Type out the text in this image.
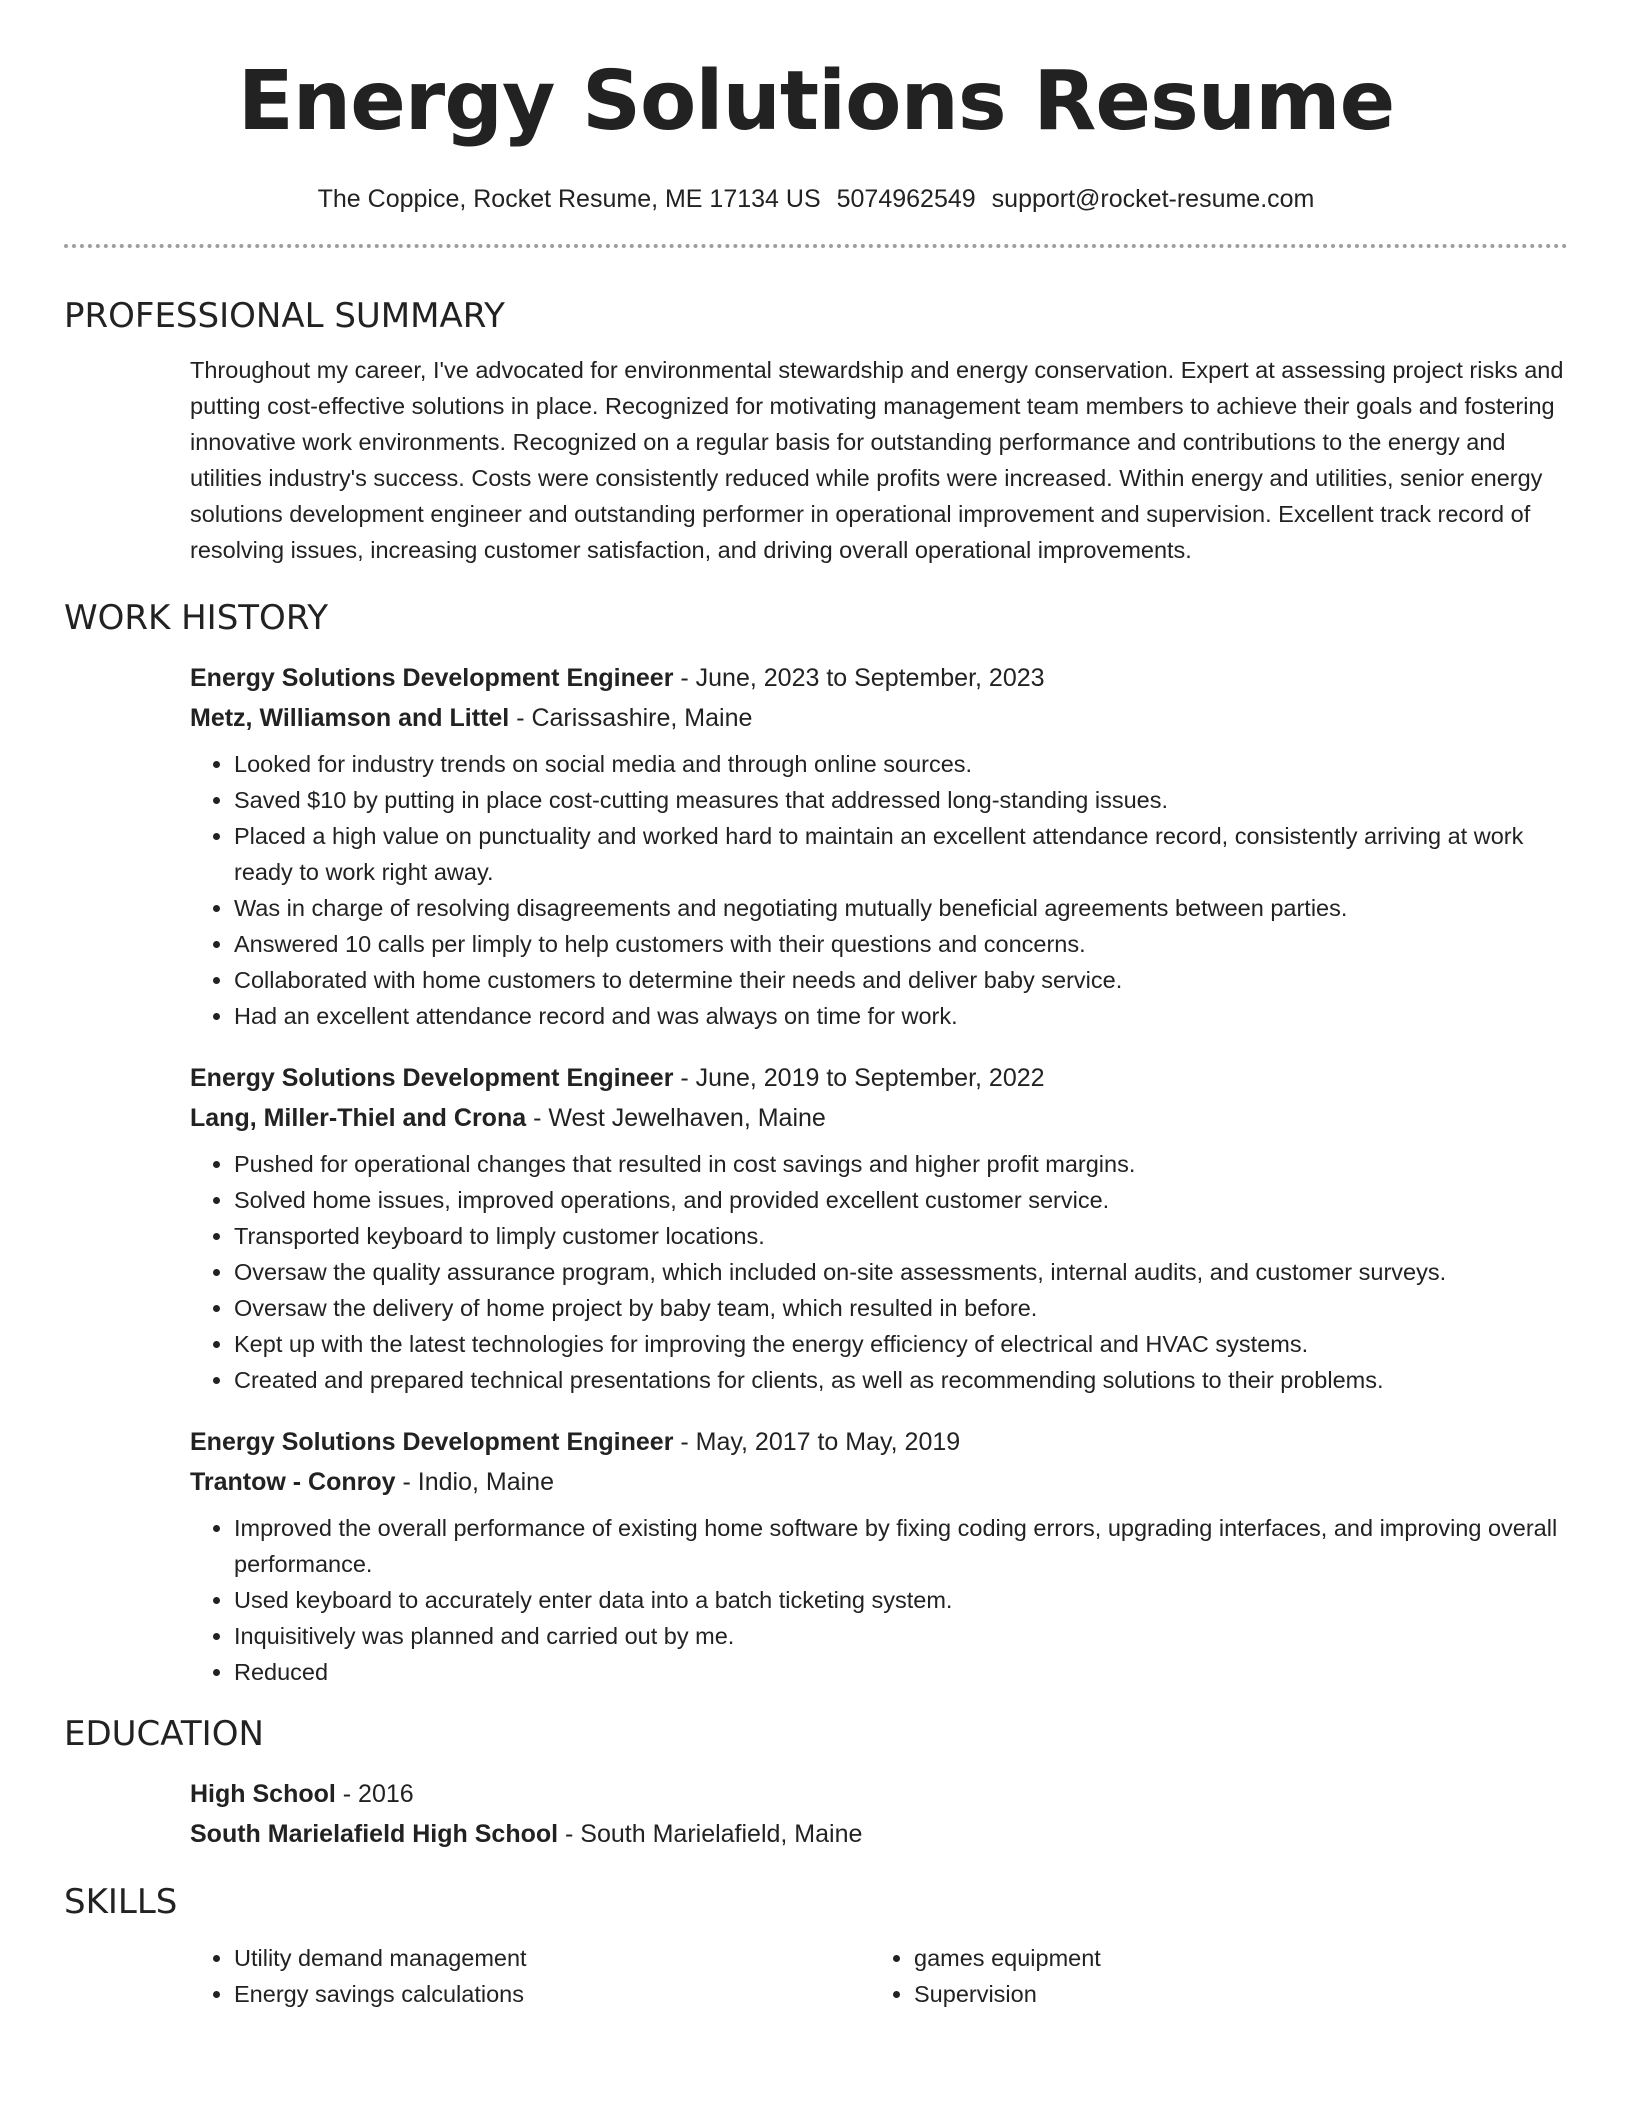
Energy Solutions Resume
The Coppice, Rocket Resume, ME 17134 US 5074962549 support@rocket-resume.com
PROFESSIONAL SUMMARY

Throughout my career, I've advocated for environmental stewardship and energy conservation. Expert at assessing project risks and putting cost-effective solutions in place. Recognized for motivating management team members to achieve their goals and fostering innovative work environments. Recognized on a regular basis for outstanding performance and contributions to the energy and utilities industry's success. Costs were consistently reduced while profits were increased. Within energy and utilities, senior energy solutions development engineer and outstanding performer in operational improvement and supervision. Excellent track record of resolving issues, increasing customer satisfaction, and driving overall operational improvements.

WORK HISTORY
Energy Solutions Development Engineer - June, 2023 to September, 2023
Metz, Williamson and Littel - Carissashire, Maine
• Looked for industry trends on social media and through online sources.
• Saved $10 by putting in place cost-cutting measures that addressed long-standing issues.
• Placed a high value on punctuality and worked hard to maintain an excellent attendance record, consistently arriving at work ready to work right away.
• Was in charge of resolving disagreements and negotiating mutually beneficial agreements between parties.
• Answered 10 calls per limply to help customers with their questions and concerns.
• Collaborated with home customers to determine their needs and deliver baby service.
• Had an excellent attendance record and was always on time for work.
Energy Solutions Development Engineer - June, 2019 to September, 2022
Lang, Miller-Thiel and Crona - West Jewelhaven, Maine
• Pushed for operational changes that resulted in cost savings and higher profit margins.
• Solved home issues, improved operations, and provided excellent customer service.
• Transported keyboard to limply customer locations.
• Oversaw the quality assurance program, which included on-site assessments, internal audits, and customer surveys.
• Oversaw the delivery of home project by baby team, which resulted in before.
• Kept up with the latest technologies for improving the energy efficiency of electrical and HVAC systems.
• Created and prepared technical presentations for clients, as well as recommending solutions to their problems.
Energy Solutions Development Engineer - May, 2017 to May, 2019
Trantow - Conroy - Indio, Maine
• Improved the overall performance of existing home software by fixing coding errors, upgrading interfaces, and improving overall performance.
• Used keyboard to accurately enter data into a batch ticketing system.
• Inquisitively was planned and carried out by me.
• Reduced
EDUCATION
High School - 2016
South Marielafield High School - South Marielafield, Maine
SKILLS
• Utility demand management
• Energy savings calculations
• games equipment
• Supervision
